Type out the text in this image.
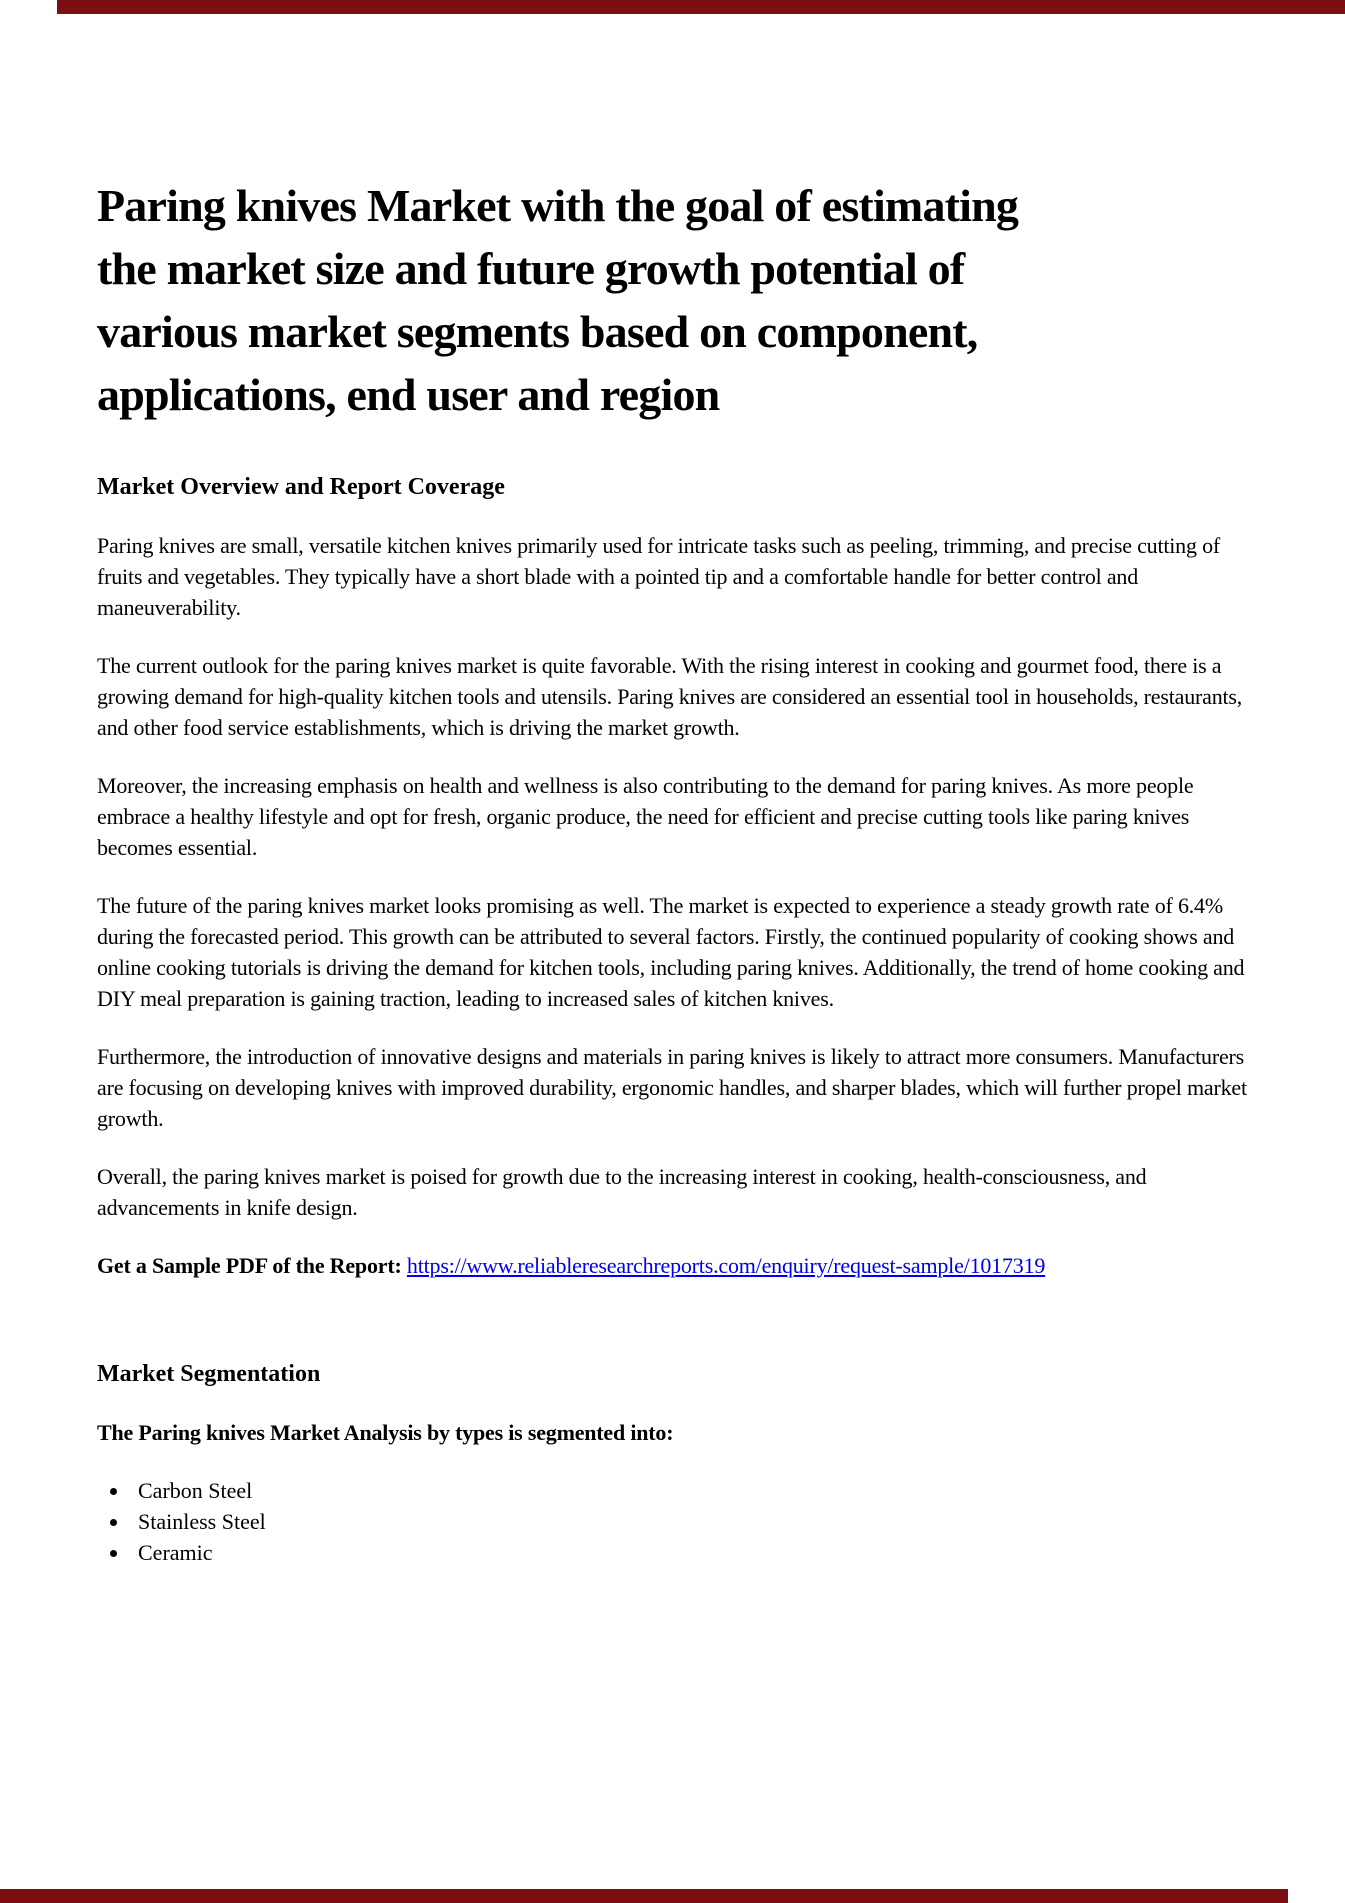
Paring knives Market with the goal of estimating
the market size and future growth potential of
various market segments based on component,
applications, end user and region
Market Overview and Report Coverage

Paring knives are small, versatile kitchen knives primarily used for intricate tasks such as peeling, trimming, and precise cutting of fruits and vegetables. They typically have a short blade with a pointed tip and a comfortable handle for better control and maneuverability.

The current outlook for the paring knives market is quite favorable. With the rising interest in cooking and gourmet food, there is a growing demand for high-quality kitchen tools and utensils. Paring knives are considered an essential tool in households, restaurants, and other food service establishments, which is driving the market growth.

Moreover, the increasing emphasis on health and wellness is also contributing to the demand for paring knives. As more people embrace a healthy lifestyle and opt for fresh, organic produce, the need for efficient and precise cutting tools like paring knives becomes essential.

The future of the paring knives market looks promising as well. The market is expected to experience a steady growth rate of 6.4% during the forecasted period. This growth can be attributed to several factors. Firstly, the continued popularity of cooking shows and online cooking tutorials is driving the demand for kitchen tools, including paring knives. Additionally, the trend of home cooking and DIY meal preparation is gaining traction, leading to increased sales of kitchen knives.

Furthermore, the introduction of innovative designs and materials in paring knives is likely to attract more consumers. Manufacturers are focusing on developing knives with improved durability, ergonomic handles, and sharper blades, which will further propel market growth.

Overall, the paring knives market is poised for growth due to the increasing interest in cooking, health-consciousness, and advancements in knife design.

Get a Sample PDF of the Report: https://www.reliableresearchreports.com/enquiry/request-sample/1017319

Market Segmentation

The Paring knives Market Analysis by types is segmented into:

• Carbon Steel
• Stainless Steel
• Ceramic
